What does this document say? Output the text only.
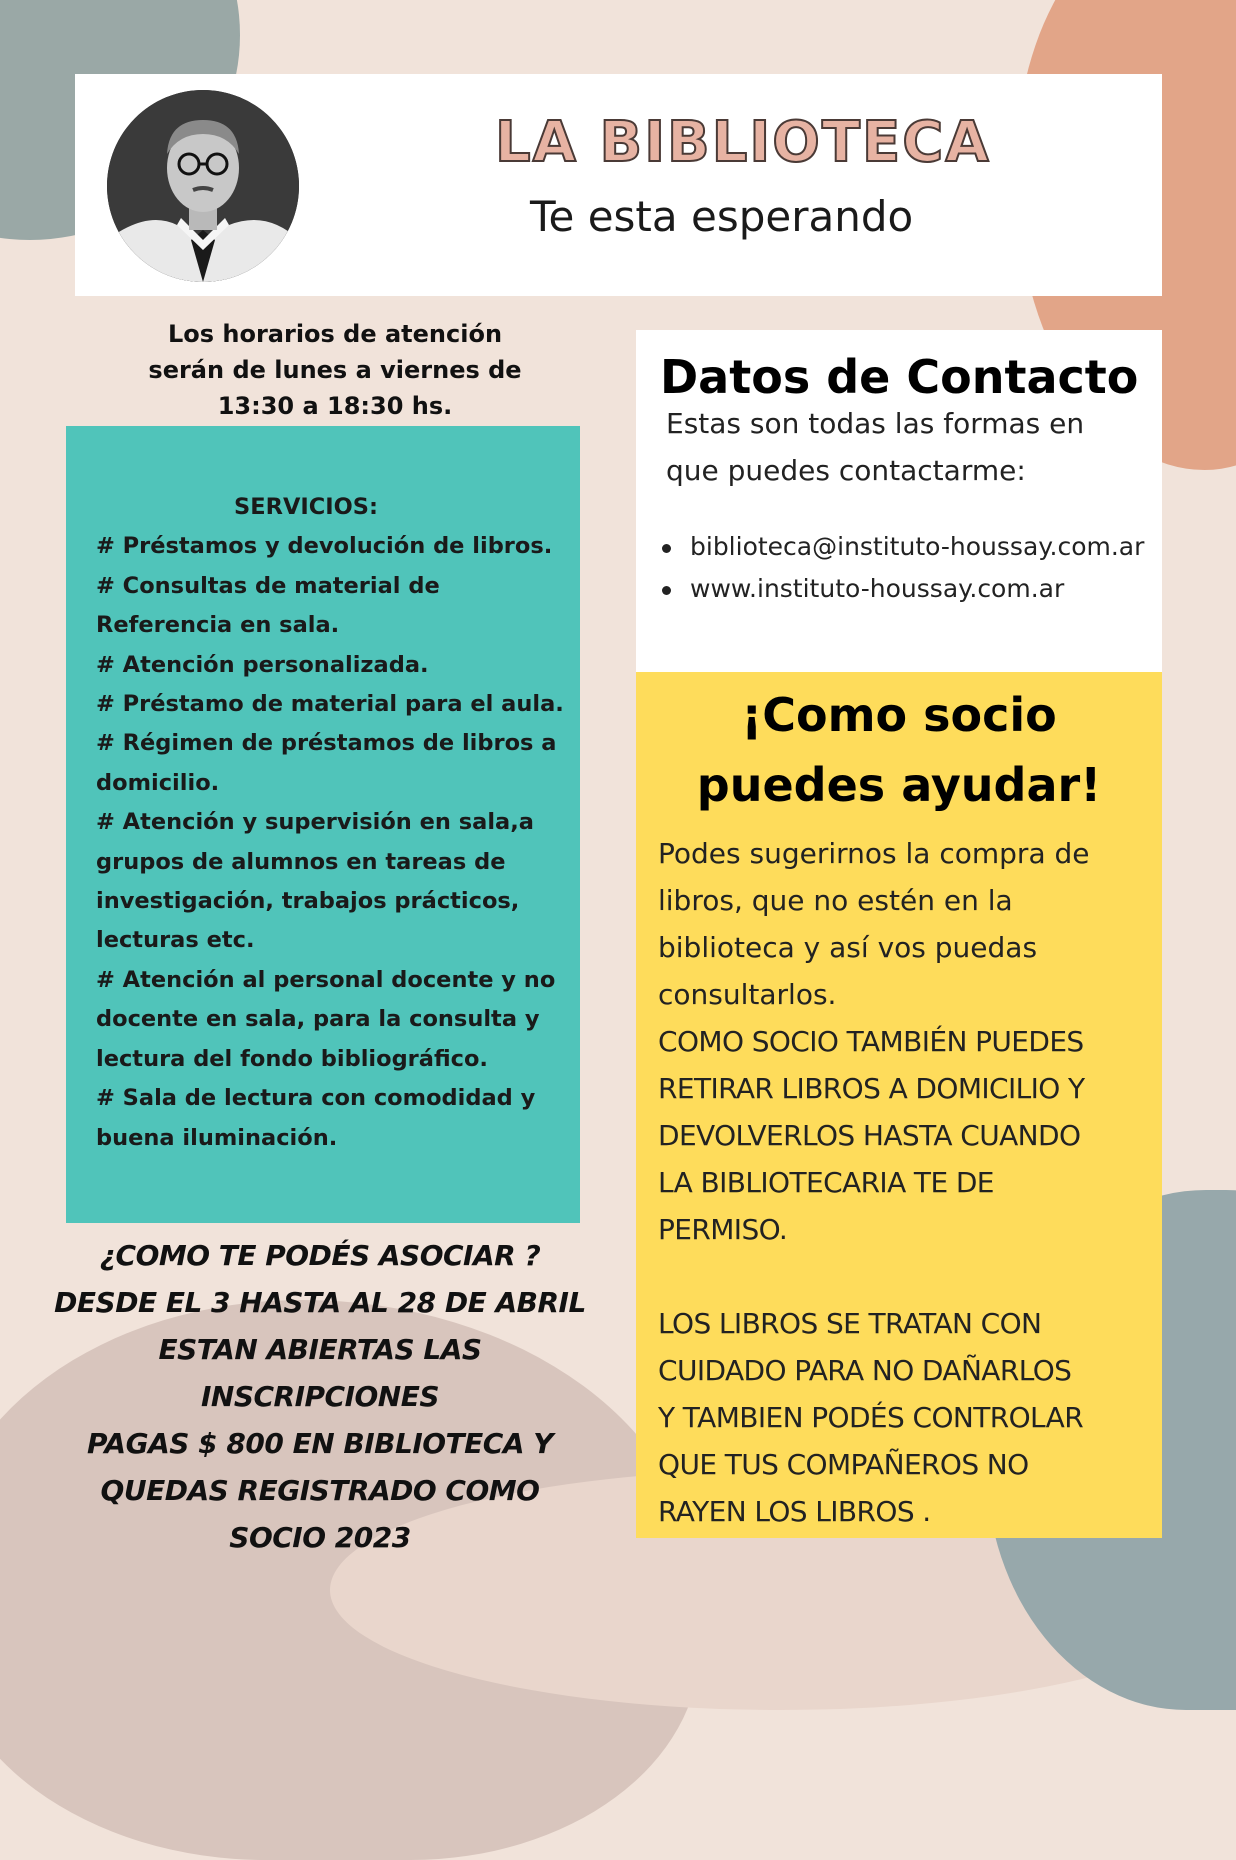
LA BIBLIOTECA
Te esta esperando
Los horarios de atención
serán de lunes a viernes de
13:30 a 18:30 hs.
SERVICIOS:
# Préstamos y devolución de libros.
# Consultas de material de
Referencia en sala.
# Atención personalizada.
# Préstamo de material para el aula.
# Régimen de préstamos de libros a
domicilio.
# Atención y supervisión en sala,a
grupos de alumnos en tareas de
investigación, trabajos prácticos,
lecturas etc.
# Atención al personal docente y no
docente en sala, para la consulta y
lectura del fondo bibliográfico.
# Sala de lectura con comodidad y
buena iluminación.
¿COMO TE PODÉS ASOCIAR ?
DESDE EL 3 HASTA AL 28 DE ABRIL
ESTAN ABIERTAS LAS
INSCRIPCIONES
PAGAS $ 800 EN BIBLIOTECA Y
QUEDAS REGISTRADO COMO
SOCIO 2023
Datos de Contacto
Estas son todas las formas en
que puedes contactarme:
biblioteca@instituto-houssay.com.ar
www.instituto-houssay.com.ar
¡Como socio
puedes ayudar!
Podes sugerirnos la compra de
libros, que no estén en la
biblioteca y así vos puedas
consultarlos.
COMO SOCIO TAMBIÉN PUEDES
RETIRAR LIBROS A DOMICILIO Y
DEVOLVERLOS HASTA CUANDO
LA BIBLIOTECARIA TE DE
PERMISO.
LOS LIBROS SE TRATAN CON
CUIDADO PARA NO DAÑARLOS
Y TAMBIEN PODÉS CONTROLAR
QUE TUS COMPAÑEROS NO
RAYEN LOS LIBROS .
